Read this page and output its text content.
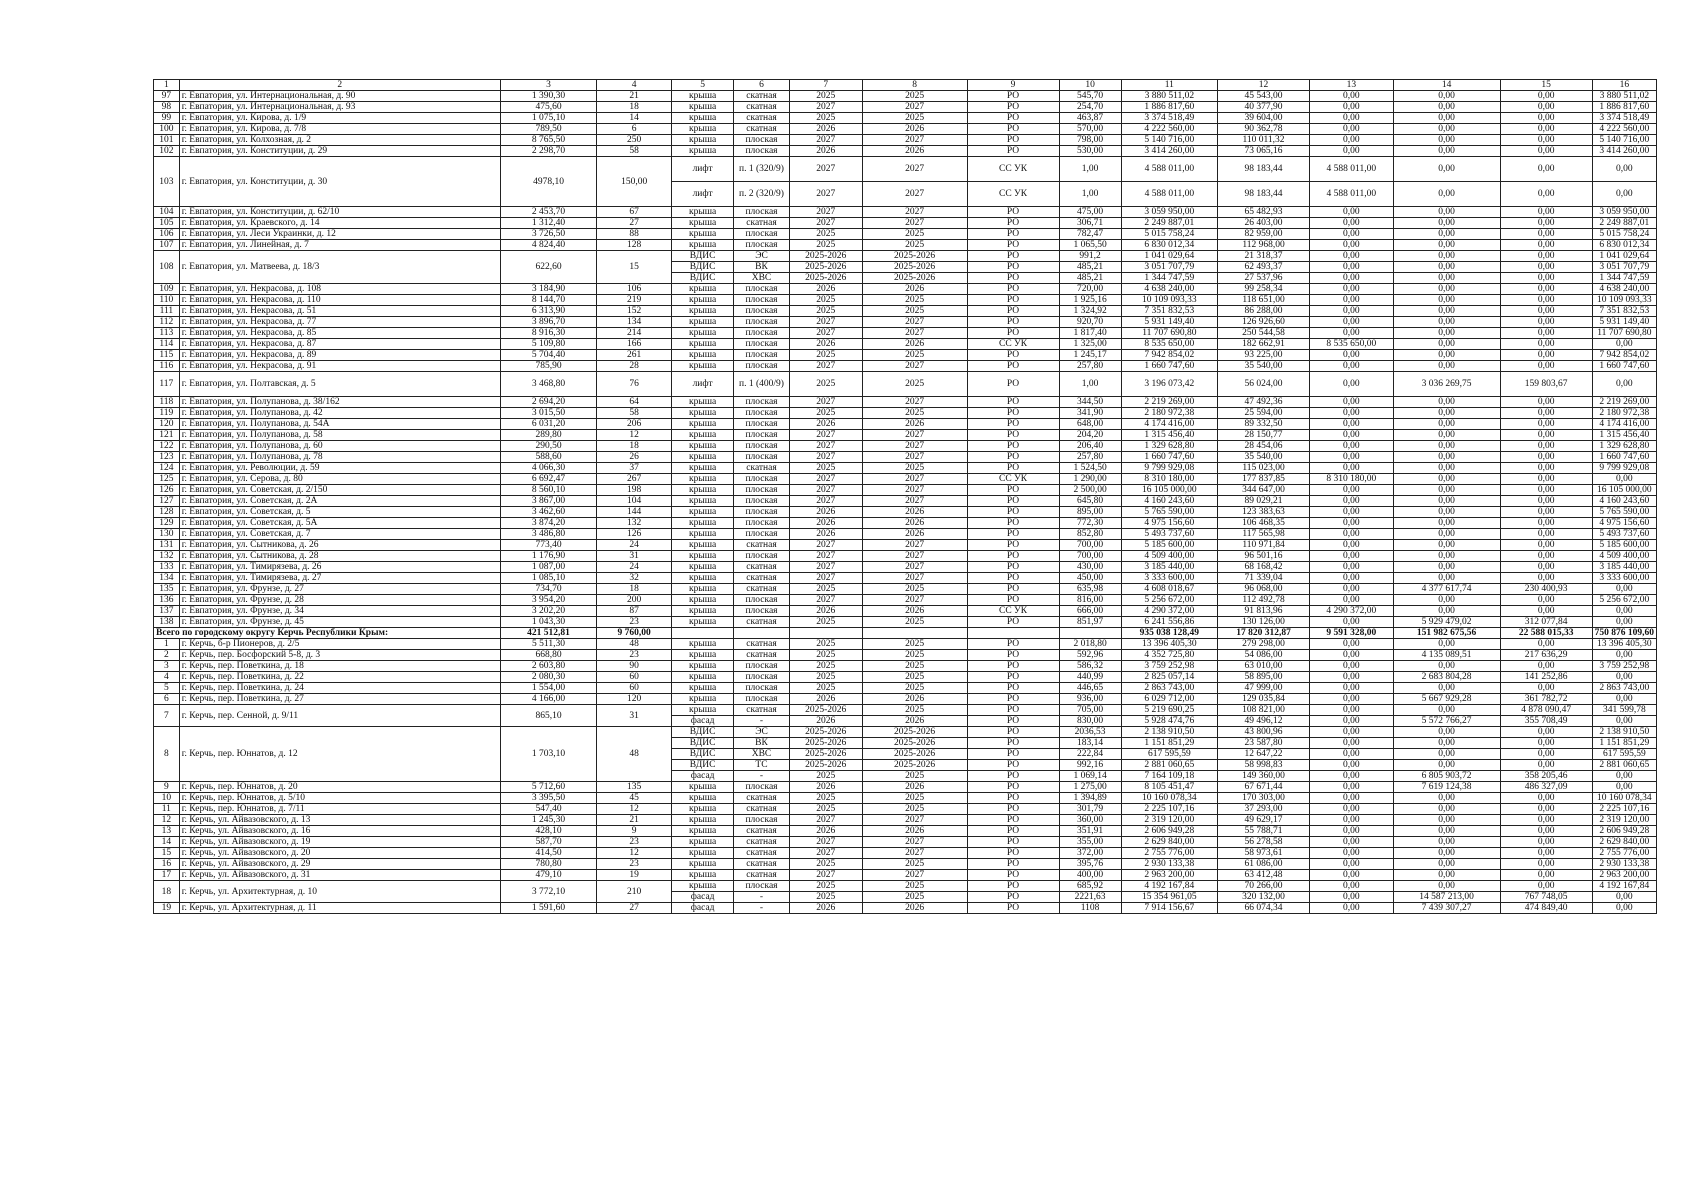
1	2	3	4	5	6	7	8	9	10	11	12	13	14	15	16
97	г. Евпатория, ул. Интернациональная, д. 90	1 390,30	21	крыша	скатная	2025	2025	РО	545,70	3 880 511,02	45 543,00	0,00	0,00	0,00	3 880 511,02
98	г. Евпатория, ул. Интернациональная, д. 93	475,60	18	крыша	скатная	2027	2027	РО	254,70	1 886 817,60	40 377,90	0,00	0,00	0,00	1 886 817,60
99	г. Евпатория, ул. Кирова, д. 1/9	1 075,10	14	крыша	скатная	2025	2025	РО	463,87	3 374 518,49	39 604,00	0,00	0,00	0,00	3 374 518,49
100	г. Евпатория, ул. Кирова, д. 7/8	789,50	6	крыша	скатная	2026	2026	РО	570,00	4 222 560,00	90 362,78	0,00	0,00	0,00	4 222 560,00
101	г. Евпатория, ул. Колхозная, д. 2	8 765,50	250	крыша	плоская	2027	2027	РО	798,00	5 140 716,00	110 011,32	0,00	0,00	0,00	5 140 716,00
102	г. Евпатория, ул. Конституции, д. 29	2 298,70	58	крыша	плоская	2026	2026	РО	530,00	3 414 260,00	73 065,16	0,00	0,00	0,00	3 414 260,00
103	г. Евпатория, ул. Конституции, д. 30	4978,10	150,00	лифт	п. 1 (320/9)	2027	2027	СС УК	1,00	4 588 011,00	98 183,44	4 588 011,00	0,00	0,00	0,00
				лифт	п. 2 (320/9)	2027	2027	СС УК	1,00	4 588 011,00	98 183,44	4 588 011,00	0,00	0,00	0,00
104	г. Евпатория, ул. Конституции, д. 62/10	2 453,70	67	крыша	плоская	2027	2027	РО	475,00	3 059 950,00	65 482,93	0,00	0,00	0,00	3 059 950,00
105	г. Евпатория, ул. Краевского, д. 14	1 312,40	27	крыша	скатная	2027	2027	РО	306,71	2 249 887,01	26 403,00	0,00	0,00	0,00	2 249 887,01
106	г. Евпатория, ул. Леси Украинки, д. 12	3 726,50	88	крыша	плоская	2025	2025	РО	782,47	5 015 758,24	82 959,00	0,00	0,00	0,00	5 015 758,24
107	г. Евпатория, ул. Линейная, д. 7	4 824,40	128	крыша	плоская	2025	2025	РО	1 065,50	6 830 012,34	112 968,00	0,00	0,00	0,00	6 830 012,34
108	г. Евпатория, ул. Матвеева, д. 18/3	622,60	15	ВДИС	ЭС	2025-2026	2025-2026	РО	991,2	1 041 029,64	21 318,37	0,00	0,00	0,00	1 041 029,64
				ВДИС	ВК	2025-2026	2025-2026	РО	485,21	3 051 707,79	62 493,37	0,00	0,00	0,00	3 051 707,79
				ВДИС	ХВС	2025-2026	2025-2026	РО	485,21	1 344 747,59	27 537,96	0,00	0,00	0,00	1 344 747,59
109	г. Евпатория, ул. Некрасова, д. 108	3 184,90	106	крыша	плоская	2026	2026	РО	720,00	4 638 240,00	99 258,34	0,00	0,00	0,00	4 638 240,00
110	г. Евпатория, ул. Некрасова, д. 110	8 144,70	219	крыша	плоская	2025	2025	РО	1 925,16	10 109 093,33	118 651,00	0,00	0,00	0,00	10 109 093,33
111	г. Евпатория, ул. Некрасова, д. 51	6 313,90	152	крыша	плоская	2025	2025	РО	1 324,92	7 351 832,53	86 288,00	0,00	0,00	0,00	7 351 832,53
112	г. Евпатория, ул. Некрасова, д. 77	3 896,70	134	крыша	плоская	2027	2027	РО	920,70	5 931 149,40	126 926,60	0,00	0,00	0,00	5 931 149,40
113	г. Евпатория, ул. Некрасова, д. 85	8 916,30	214	крыша	плоская	2027	2027	РО	1 817,40	11 707 690,80	250 544,58	0,00	0,00	0,00	11 707 690,80
114	г. Евпатория, ул. Некрасова, д. 87	5 109,80	166	крыша	плоская	2026	2026	СС УК	1 325,00	8 535 650,00	182 662,91	8 535 650,00	0,00	0,00	0,00
115	г. Евпатория, ул. Некрасова, д. 89	5 704,40	261	крыша	плоская	2025	2025	РО	1 245,17	7 942 854,02	93 225,00	0,00	0,00	0,00	7 942 854,02
116	г. Евпатория, ул. Некрасова, д. 91	785,90	28	крыша	плоская	2027	2027	РО	257,80	1 660 747,60	35 540,00	0,00	0,00	0,00	1 660 747,60
117	г. Евпатория, ул. Полтавская, д. 5	3 468,80	76	лифт	п. 1 (400/9)	2025	2025	РО	1,00	3 196 073,42	56 024,00	0,00	3 036 269,75	159 803,67	0,00
118	г. Евпатория, ул. Полупанова, д. 38/162	2 694,20	64	крыша	плоская	2027	2027	РО	344,50	2 219 269,00	47 492,36	0,00	0,00	0,00	2 219 269,00
119	г. Евпатория, ул. Полупанова, д. 42	3 015,50	58	крыша	плоская	2025	2025	РО	341,90	2 180 972,38	25 594,00	0,00	0,00	0,00	2 180 972,38
120	г. Евпатория, ул. Полупанова, д. 54А	6 031,20	206	крыша	плоская	2026	2026	РО	648,00	4 174 416,00	89 332,50	0,00	0,00	0,00	4 174 416,00
121	г. Евпатория, ул. Полупанова, д. 58	289,80	12	крыша	плоская	2027	2027	РО	204,20	1 315 456,40	28 150,77	0,00	0,00	0,00	1 315 456,40
122	г. Евпатория, ул. Полупанова, д. 60	290,50	18	крыша	плоская	2027	2027	РО	206,40	1 329 628,80	28 454,06	0,00	0,00	0,00	1 329 628,80
123	г. Евпатория, ул. Полупанова, д. 78	588,60	26	крыша	плоская	2027	2027	РО	257,80	1 660 747,60	35 540,00	0,00	0,00	0,00	1 660 747,60
124	г. Евпатория, ул. Революции, д. 59	4 066,30	37	крыша	скатная	2025	2025	РО	1 524,50	9 799 929,08	115 023,00	0,00	0,00	0,00	9 799 929,08
125	г. Евпатория, ул. Серова, д. 80	6 692,47	267	крыша	плоская	2027	2027	СС УК	1 290,00	8 310 180,00	177 837,85	8 310 180,00	0,00	0,00	0,00
126	г. Евпатория, ул. Советская, д. 2/150	8 560,10	198	крыша	плоская	2027	2027	РО	2 500,00	16 105 000,00	344 647,00	0,00	0,00	0,00	16 105 000,00
127	г. Евпатория, ул. Советская, д. 2А	3 867,00	104	крыша	плоская	2027	2027	РО	645,80	4 160 243,60	89 029,21	0,00	0,00	0,00	4 160 243,60
128	г. Евпатория, ул. Советская, д. 5	3 462,60	144	крыша	плоская	2026	2026	РО	895,00	5 765 590,00	123 383,63	0,00	0,00	0,00	5 765 590,00
129	г. Евпатория, ул. Советская, д. 5А	3 874,20	132	крыша	плоская	2026	2026	РО	772,30	4 975 156,60	106 468,35	0,00	0,00	0,00	4 975 156,60
130	г. Евпатория, ул. Советская, д. 7	3 486,80	126	крыша	плоская	2026	2026	РО	852,80	5 493 737,60	117 565,98	0,00	0,00	0,00	5 493 737,60
131	г. Евпатория, ул. Сытникова, д. 26	773,40	24	крыша	скатная	2027	2027	РО	700,00	5 185 600,00	110 971,84	0,00	0,00	0,00	5 185 600,00
132	г. Евпатория, ул. Сытникова, д. 28	1 176,90	31	крыша	плоская	2027	2027	РО	700,00	4 509 400,00	96 501,16	0,00	0,00	0,00	4 509 400,00
133	г. Евпатория, ул. Тимирязева, д. 26	1 087,00	24	крыша	скатная	2027	2027	РО	430,00	3 185 440,00	68 168,42	0,00	0,00	0,00	3 185 440,00
134	г. Евпатория, ул. Тимирязева, д. 27	1 085,10	32	крыша	скатная	2027	2027	РО	450,00	3 333 600,00	71 339,04	0,00	0,00	0,00	3 333 600,00
135	г. Евпатория, ул. Фрунзе, д. 27	734,70	18	крыша	скатная	2025	2025	РО	635,98	4 608 018,67	96 068,00	0,00	4 377 617,74	230 400,93	0,00
136	г. Евпатория, ул. Фрунзе, д. 28	3 954,20	200	крыша	плоская	2027	2027	РО	816,00	5 256 672,00	112 492,78	0,00	0,00	0,00	5 256 672,00
137	г. Евпатория, ул. Фрунзе, д. 34	3 202,20	87	крыша	плоская	2026	2026	СС УК	666,00	4 290 372,00	91 813,96	4 290 372,00	0,00	0,00	0,00
138	г. Евпатория, ул. Фрунзе, д. 45	1 043,30	23	крыша	скатная	2025	2025	РО	851,97	6 241 556,86	130 126,00	0,00	5 929 479,02	312 077,84	0,00
Всего по городскому округу Керчь Республики Крым:		421 512,81	9 760,00							935 038 128,49	17 820 312,87	9 591 328,00	151 982 675,56	22 588 015,33	750 876 109,60
1	г. Керчь, б-р Пионеров, д. 2/5	5 511,30	48	крыша	скатная	2025	2025	РО	2 018,80	13 396 405,30	279 298,00	0,00	0,00	0,00	13 396 405,30
2	г. Керчь, пер. Босфорский 5-8, д. 3	668,80	23	крыша	скатная	2025	2025	РО	592,96	4 352 725,80	54 086,00	0,00	4 135 089,51	217 636,29	0,00
3	г. Керчь, пер. Поветкина, д. 18	2 603,80	90	крыша	плоская	2025	2025	РО	586,32	3 759 252,98	63 010,00	0,00	0,00	0,00	3 759 252,98
4	г. Керчь, пер. Поветкина, д. 22	2 080,30	60	крыша	плоская	2025	2025	РО	440,99	2 825 057,14	58 895,00	0,00	2 683 804,28	141 252,86	0,00
5	г. Керчь, пер. Поветкина, д. 24	1 554,00	60	крыша	плоская	2025	2025	РО	446,65	2 863 743,00	47 999,00	0,00	0,00	0,00	2 863 743,00
6	г. Керчь, пер. Поветкина, д. 27	4 166,00	120	крыша	плоская	2026	2026	РО	936,00	6 029 712,00	129 035,84	0,00	5 667 929,28	361 782,72	0,00
7	г. Керчь, пер. Сенной, д. 9/11	865,10	31	крыша	скатная	2025-2026	2025	РО	705,00	5 219 690,25	108 821,00	0,00	0,00	4 878 090,47	341 599,78
				фасад	-	2026	2026	РО	830,00	5 928 474,76	49 496,12	0,00	5 572 766,27	355 708,49	0,00
8	г. Керчь, пер. Юннатов, д. 12	1 703,10	48	ВДИС	ЭС	2025-2026	2025-2026	РО	2036,53	2 138 910,50	43 800,96	0,00	0,00	0,00	2 138 910,50
				ВДИС	ВК	2025-2026	2025-2026	РО	183,14	1 151 851,29	23 587,80	0,00	0,00	0,00	1 151 851,29
				ВДИС	ХВС	2025-2026	2025-2026	РО	222,84	617 595,59	12 647,22	0,00	0,00	0,00	617 595,59
				ВДИС	ТС	2025-2026	2025-2026	РО	992,16	2 881 060,65	58 998,83	0,00	0,00	0,00	2 881 060,65
				фасад	-	2025	2025	РО	1 069,14	7 164 109,18	149 360,00	0,00	6 805 903,72	358 205,46	0,00
9	г. Керчь, пер. Юннатов, д. 20	5 712,60	135	крыша	плоская	2026	2026	РО	1 275,00	8 105 451,47	67 671,44	0,00	7 619 124,38	486 327,09	0,00
10	г. Керчь, пер. Юннатов, д. 5/10	3 395,50	45	крыша	скатная	2025	2025	РО	1 394,89	10 160 078,34	170 303,00	0,00	0,00	0,00	10 160 078,34
11	г. Керчь, пер. Юннатов, д. 7/11	547,40	12	крыша	скатная	2025	2025	РО	301,79	2 225 107,16	37 293,00	0,00	0,00	0,00	2 225 107,16
12	г. Керчь, ул. Айвазовского, д. 13	1 245,30	21	крыша	плоская	2027	2027	РО	360,00	2 319 120,00	49 629,17	0,00	0,00	0,00	2 319 120,00
13	г. Керчь, ул. Айвазовского, д. 16	428,10	9	крыша	скатная	2026	2026	РО	351,91	2 606 949,28	55 788,71	0,00	0,00	0,00	2 606 949,28
14	г. Керчь, ул. Айвазовского, д. 19	587,70	23	крыша	скатная	2027	2027	РО	355,00	2 629 840,00	56 278,58	0,00	0,00	0,00	2 629 840,00
15	г. Керчь, ул. Айвазовского, д. 20	414,50	12	крыша	скатная	2027	2027	РО	372,00	2 755 776,00	58 973,61	0,00	0,00	0,00	2 755 776,00
16	г. Керчь, ул. Айвазовского, д. 29	780,80	23	крыша	скатная	2025	2025	РО	395,76	2 930 133,38	61 086,00	0,00	0,00	0,00	2 930 133,38
17	г. Керчь, ул. Айвазовского, д. 31	479,10	19	крыша	скатная	2027	2027	РО	400,00	2 963 200,00	63 412,48	0,00	0,00	0,00	2 963 200,00
18	г. Керчь, ул. Архитектурная, д. 10	3 772,10	210	крыша	плоская	2025	2025	РО	685,92	4 192 167,84	70 266,00	0,00	0,00	0,00	4 192 167,84
				фасад	-	2025	2025	РО	2221,63	15 354 961,05	320 132,00	0,00	14 587 213,00	767 748,05	0,00
19	г. Керчь, ул. Архитектурная, д. 11	1 591,60	27	фасад	-	2026	2026	РО	1108	7 914 156,67	66 074,34	0,00	7 439 307,27	474 849,40	0,00
